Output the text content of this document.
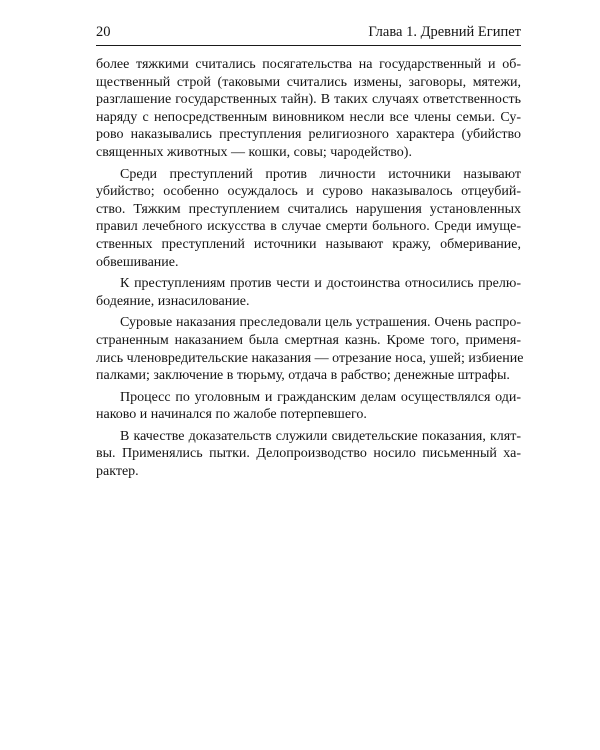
20	Глава 1. Древний Египет

более тяжкими считались посягательства на государственный и об-
щественный строй (таковыми считались измены, заговоры, мятежи,
разглашение государственных тайн). В таких случаях ответственность
наряду с непосредственным виновником несли все члены семьи. Су-
рово наказывались преступления религиозного характера (убийство
священных животных — кошки, совы; чародейство).

Среди преступлений против личности источники называют
убийство; особенно осуждалось и сурово наказывалось отцеубий-
ство. Тяжким преступлением считались нарушения установленных
правил лечебного искусства в случае смерти больного. Среди имуще-
ственных преступлений источники называют кражу, обмеривание,
обвешивание.

К преступлениям против чести и достоинства относились прелю-
бодеяние, изнасилование.

Суровые наказания преследовали цель устрашения. Очень распро-
страненным наказанием была смертная казнь. Кроме того, применя-
лись членовредительские наказания — отрезание носа, ушей; избиение
палками; заключение в тюрьму, отдача в рабство; денежные штрафы.

Процесс по уголовным и гражданским делам осуществлялся оди-
наково и начинался по жалобе потерпевшего.

В качестве доказательств служили свидетельские показания, клят-
вы. Применялись пытки. Делопроизводство носило письменный ха-
рактер.
